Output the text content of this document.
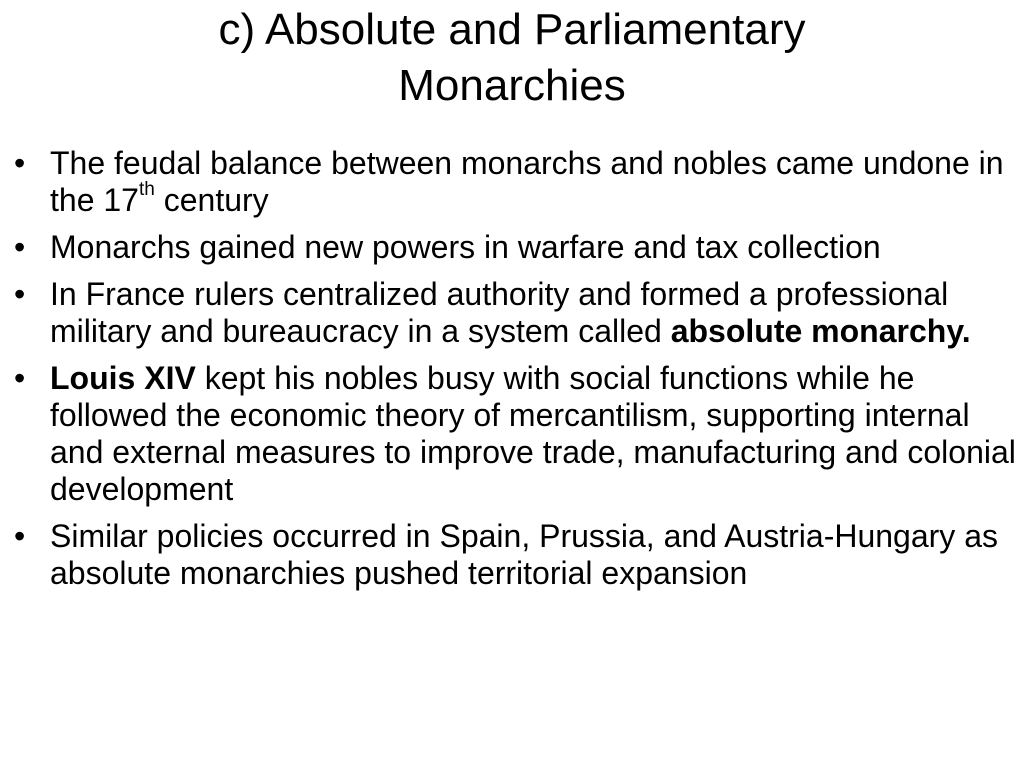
c) Absolute and Parliamentary
Monarchies
• The feudal balance between monarchs and nobles came undone in the 17th century
• Monarchs gained new powers in warfare and tax collection
• In France rulers centralized authority and formed a professional military and bureaucracy in a system called absolute monarchy.
• Louis XIV kept his nobles busy with social functions while he followed the economic theory of mercantilism, supporting internal and external measures to improve trade, manufacturing and colonial development
• Similar policies occurred in Spain, Prussia, and Austria-Hungary as absolute monarchies pushed territorial expansion
